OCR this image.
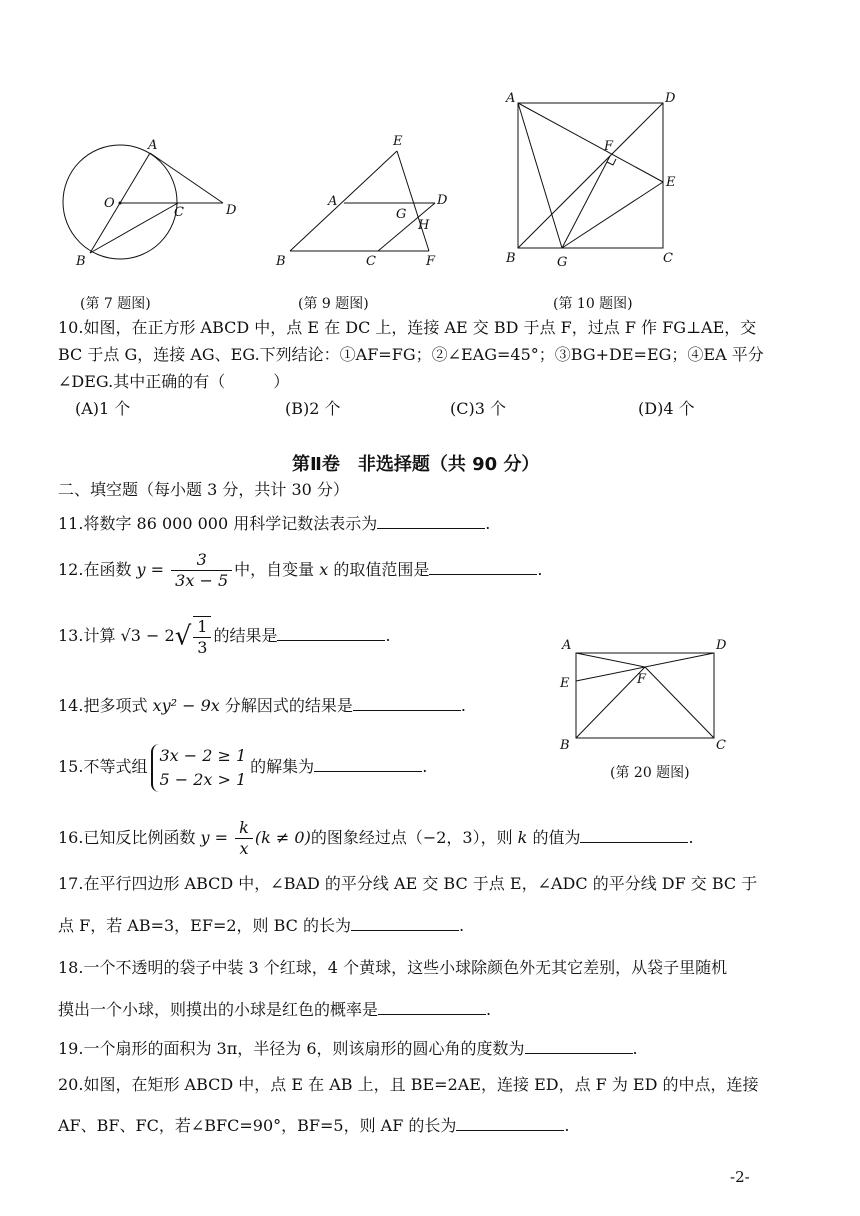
A
O
C	D
B
(第 7 题图)
E
A	D
G
H
B	C	F
(第 9 题图)
A	D
F
E
B	G	C
(第 10 题图)
10.如图，在正方形 ABCD 中，点 E 在 DC 上，连接 AE 交 BD 于点 F，过点 F 作 FG⊥AE，交
BC 于点 G，连接 AG、EG.下列结论：①AF=FG；②∠EAG=45°；③BG+DE=EG；④EA 平分
∠DEG.其中正确的有（　　　）
(A)1 个	(B)2 个	(C)3 个	(D)4 个
第Ⅱ卷　非选择题（共 90 分）
二、填空题（每小题 3 分，共计 30 分）
11.将数字 86 000 000 用科学记数法表示为	.
12.在函数 $y = \frac{3}{3x - 5}$ 中，自变量 x 的取值范围是	.
13.计算 $√3 - 2√ \frac{1}{3}$ 的结果是	.
A	D
E	F
B	C
(第 20 题图)
14.把多项式 xy² − 9x 分解因式的结果是	.
15.不等式组
3x − 2 ≥ 1
5 − 2x > 1
的解集为	.
16.已知反比例函数 $y = \frac{k}{x} (k \ne 0)$的图象经过点（−2，3），则 k 的值为	.
17.在平行四边形 ABCD 中，∠BAD 的平分线 AE 交 BC 于点 E，∠ADC 的平分线 DF 交 BC 于
点 F，若 AB=3，EF=2，则 BC 的长为	.
18.一个不透明的袋子中装 3 个红球，4 个黄球，这些小球除颜色外无其它差别，从袋子里随机
摸出一个小球，则摸出的小球是红色的概率是	.
19.一个扇形的面积为 3π，半径为 6，则该扇形的圆心角的度数为	.
20.如图，在矩形 ABCD 中，点 E 在 AB 上，且 BE=2AE，连接 ED，点 F 为 ED 的中点，连接
AF、BF、FC，若∠BFC=90°，BF=5，则 AF 的长为	.
-2-
